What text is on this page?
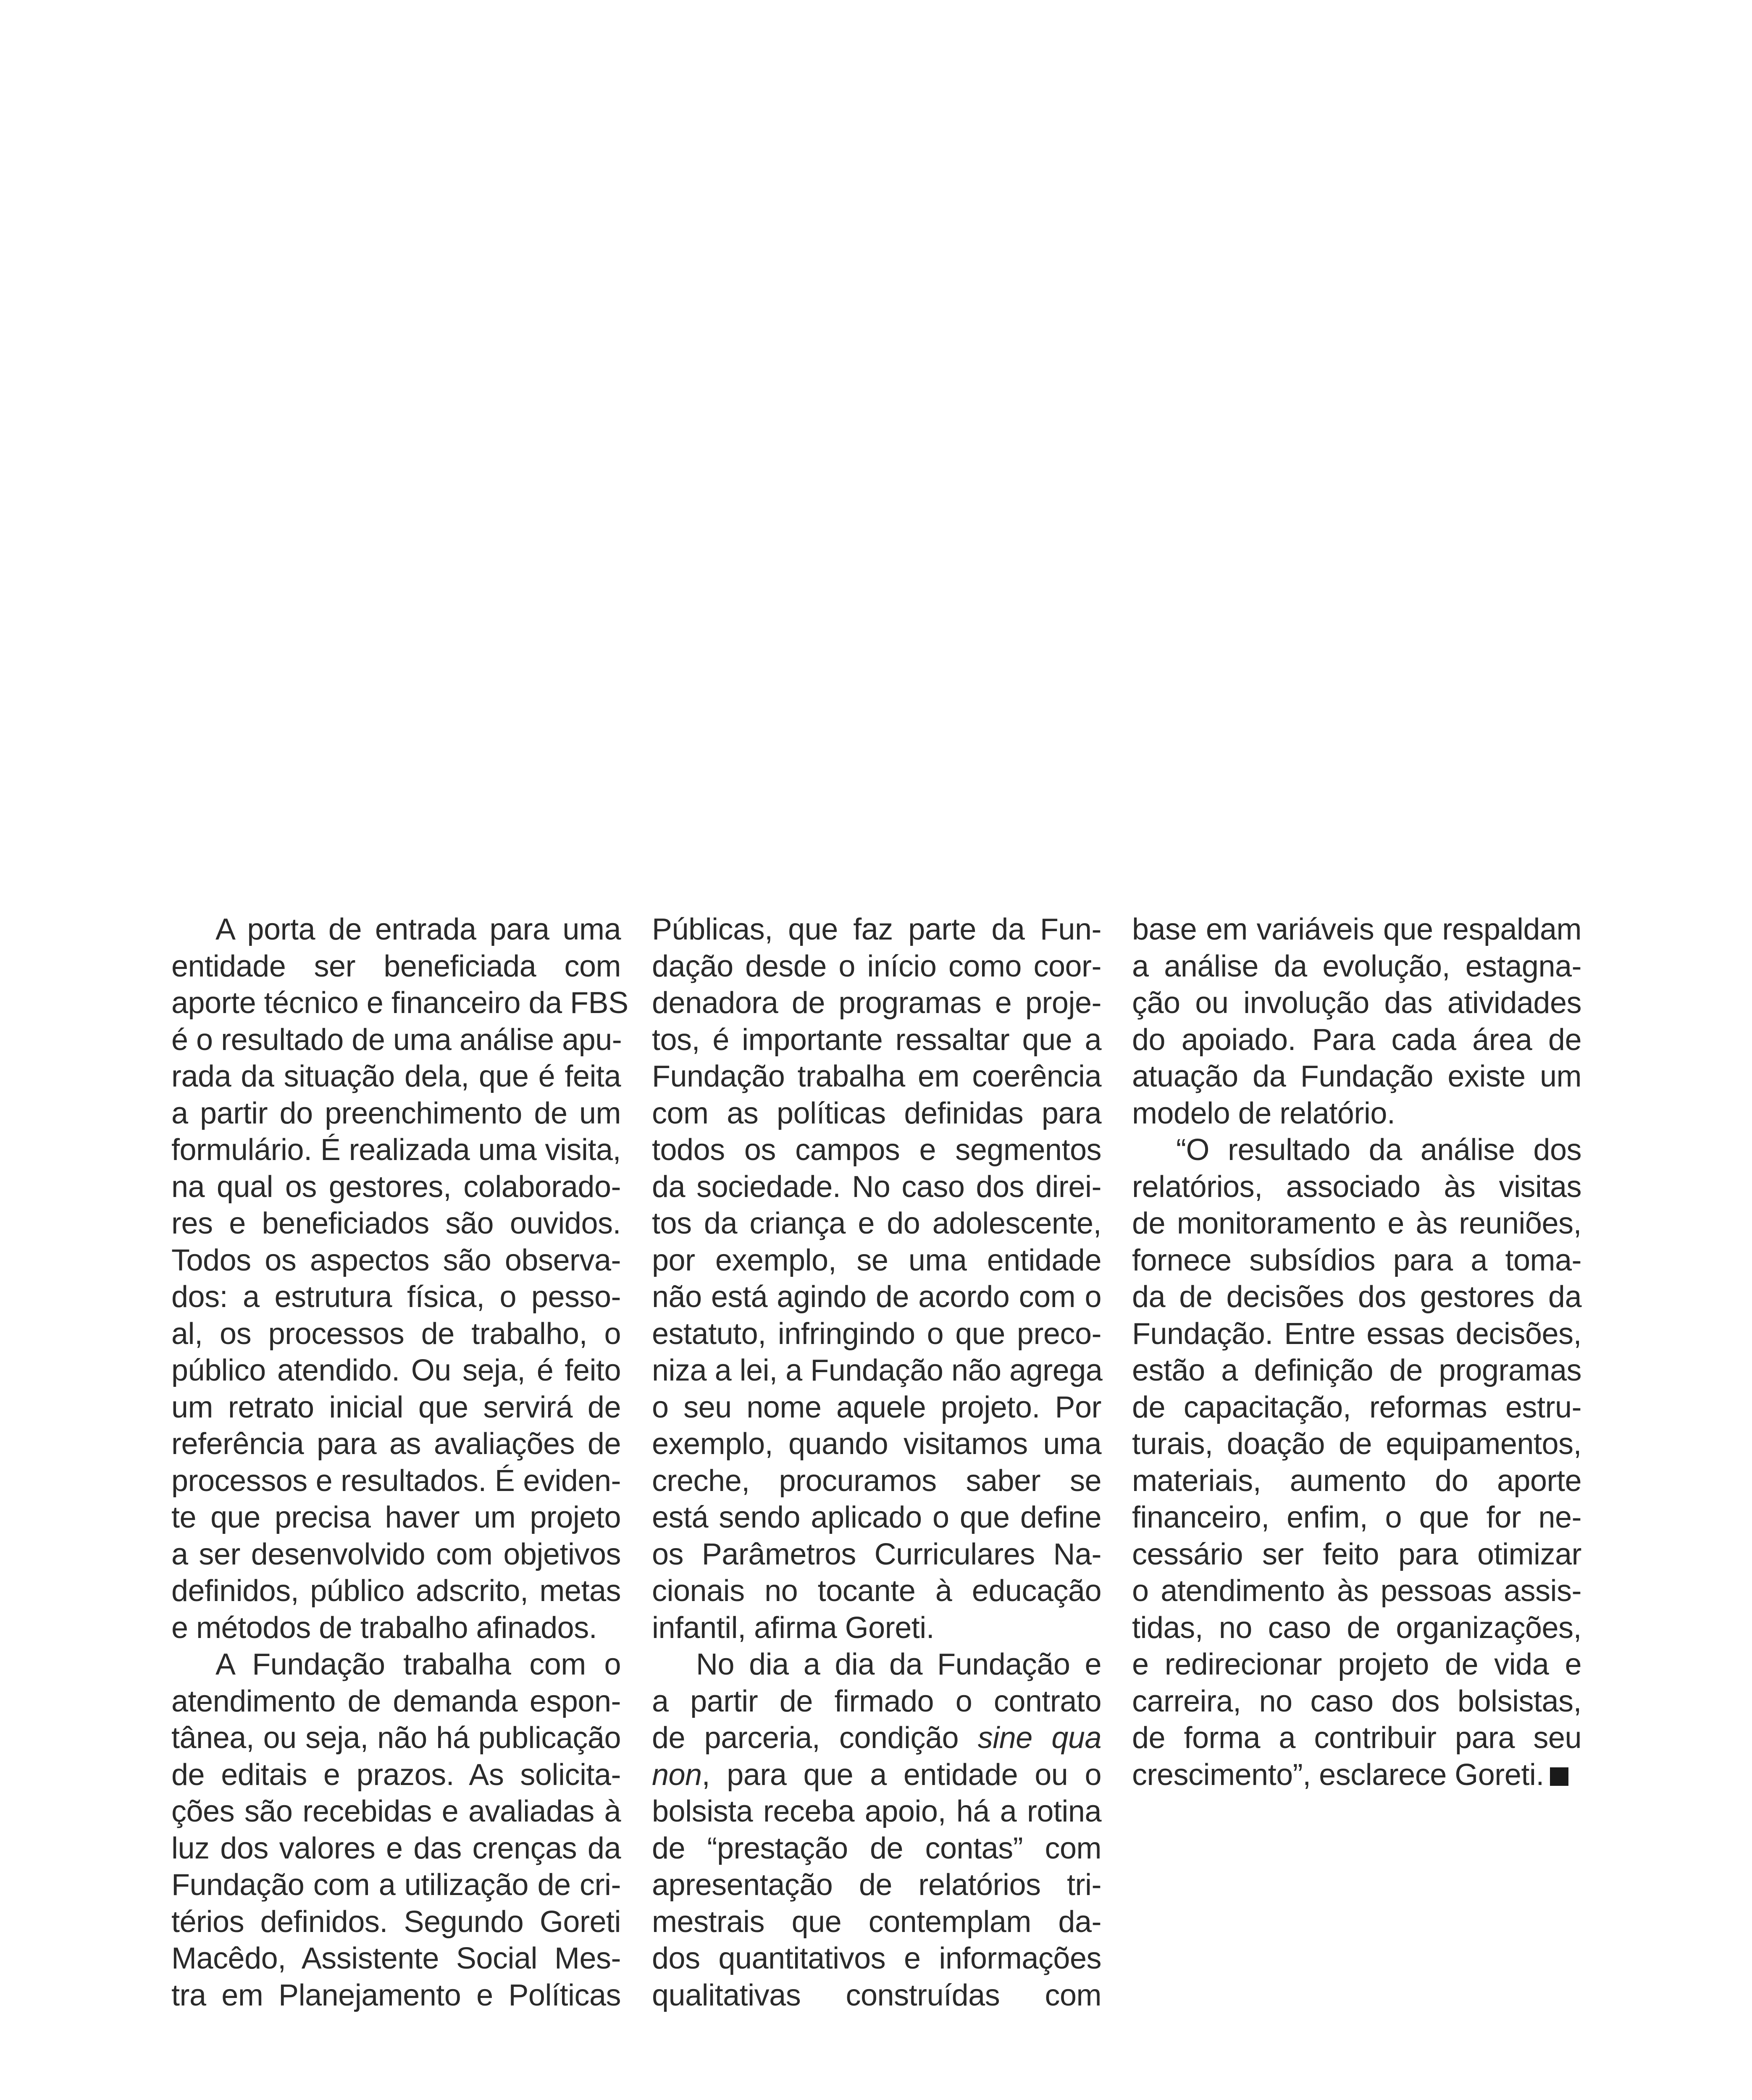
A porta de entrada para uma
entidade ser beneficiada com
aporte técnico e financeiro da FBS
é o resultado de uma análise apu-
rada da situação dela, que é feita
a partir do preenchimento de um
formulário. É realizada uma visita,
na qual os gestores, colaborado-
res e beneficiados são ouvidos.
Todos os aspectos são observa-
dos: a estrutura física, o pesso-
al, os processos de trabalho, o
público atendido. Ou seja, é feito
um retrato inicial que servirá de
referência para as avaliações de
processos e resultados. É eviden-
te que precisa haver um projeto
a ser desenvolvido com objetivos
definidos, público adscrito, metas
e métodos de trabalho afinados.
A Fundação trabalha com o
atendimento de demanda espon-
tânea, ou seja, não há publicação
de editais e prazos. As solicita-
ções são recebidas e avaliadas à
luz dos valores e das crenças da
Fundação com a utilização de cri-
térios definidos. Segundo Goreti
Macêdo, Assistente Social Mes-
tra em Planejamento e Políticas
Públicas, que faz parte da Fun-
dação desde o início como coor-
denadora de programas e proje-
tos, é importante ressaltar que a
Fundação trabalha em coerência
com as políticas definidas para
todos os campos e segmentos
da sociedade. No caso dos direi-
tos da criança e do adolescente,
por exemplo, se uma entidade
não está agindo de acordo com o
estatuto, infringindo o que preco-
niza a lei, a Fundação não agrega
o seu nome aquele projeto. Por
exemplo, quando visitamos uma
creche, procuramos saber se
está sendo aplicado o que define
os Parâmetros Curriculares Na-
cionais no tocante à educação
infantil, afirma Goreti.
No dia a dia da Fundação e
a partir de firmado o contrato
de parceria, condição sine qua
non, para que a entidade ou o
bolsista receba apoio, há a rotina
de “prestação de contas” com
apresentação de relatórios tri-
mestrais que contemplam da-
dos quantitativos e informações
qualitativas construídas com
base em variáveis que respaldam
a análise da evolução, estagna-
ção ou involução das atividades
do apoiado. Para cada área de
atuação da Fundação existe um
modelo de relatório.
“O resultado da análise dos
relatórios, associado às visitas
de monitoramento e às reuniões,
fornece subsídios para a toma-
da de decisões dos gestores da
Fundação. Entre essas decisões,
estão a definição de programas
de capacitação, reformas estru-
turais, doação de equipamentos,
materiais, aumento do aporte
financeiro, enfim, o que for ne-
cessário ser feito para otimizar
o atendimento às pessoas assis-
tidas, no caso de organizações,
e redirecionar projeto de vida e
carreira, no caso dos bolsistas,
de forma a contribuir para seu
crescimento”, esclarece Goreti.
